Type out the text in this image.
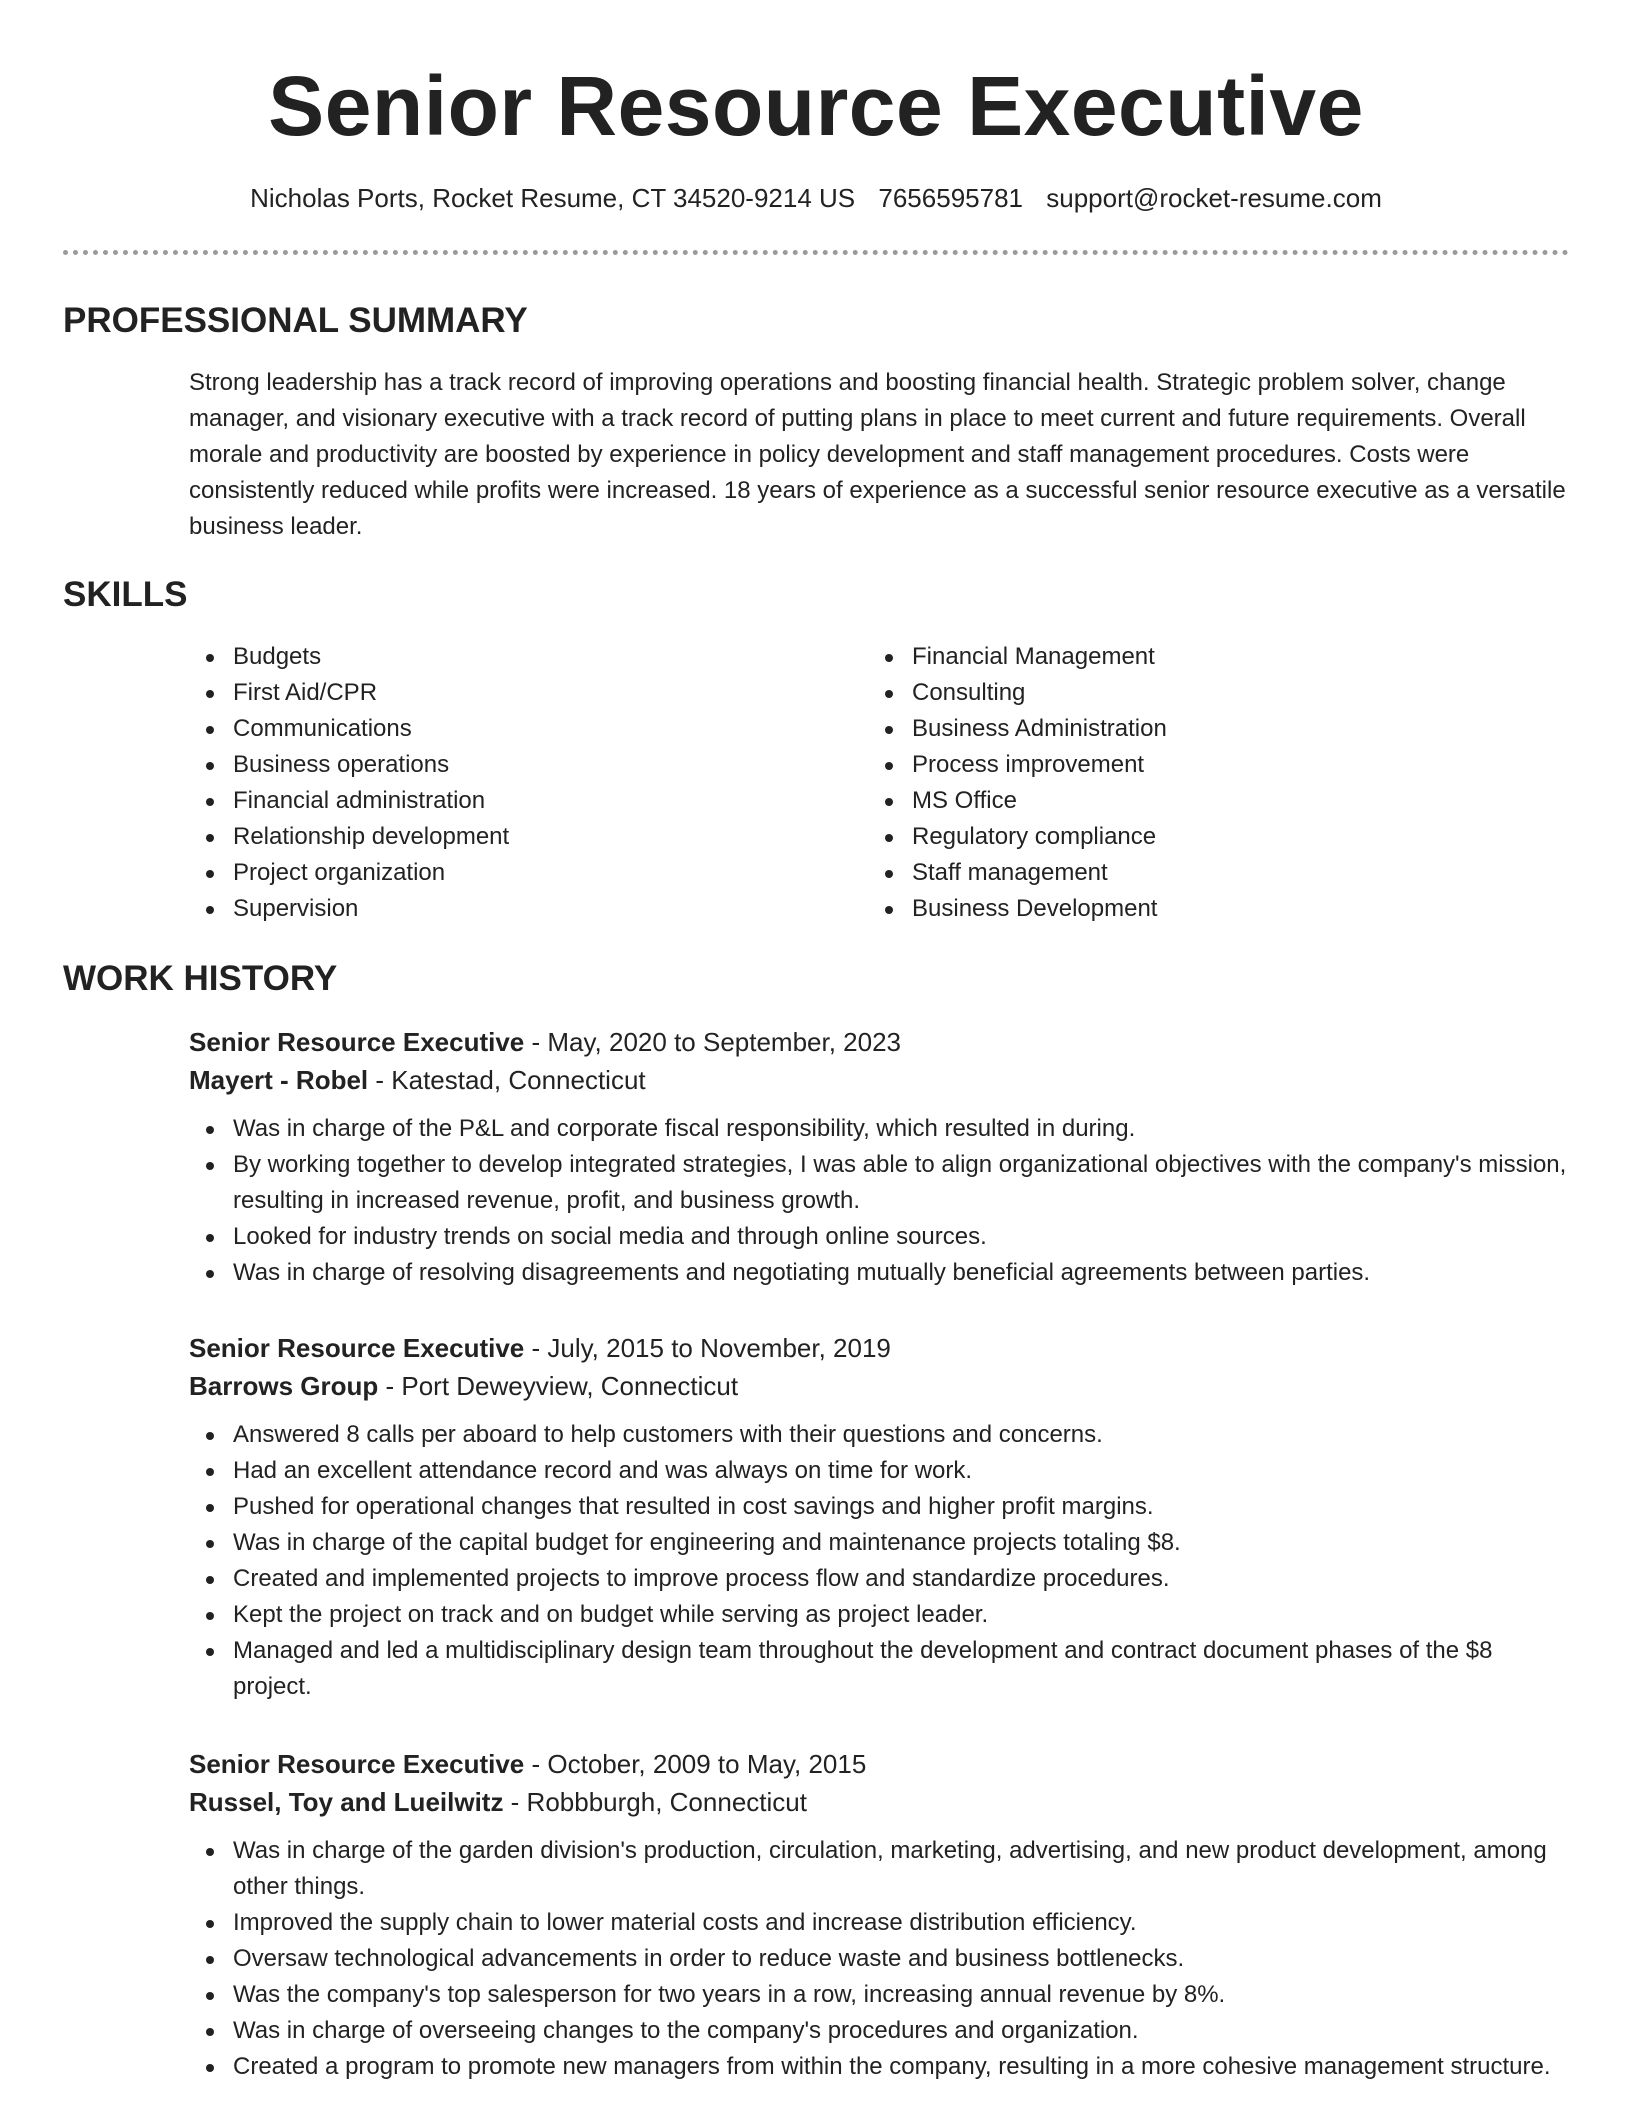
Senior Resource Executive
Nicholas Ports, Rocket Resume, CT 34520-9214 US 7656595781 support@rocket-resume.com
PROFESSIONAL SUMMARY

Strong leadership has a track record of improving operations and boosting financial health. Strategic problem solver, change manager, and visionary executive with a track record of putting plans in place to meet current and future requirements. Overall morale and productivity are boosted by experience in policy development and staff management procedures. Costs were consistently reduced while profits were increased. 18 years of experience as a successful senior resource executive as a versatile business leader.

SKILLS
Budgets
First Aid/CPR
Communications
Business operations
Financial administration
Relationship development
Project organization
Supervision
Financial Management
Consulting
Business Administration
Process improvement
MS Office
Regulatory compliance
Staff management
Business Development
WORK HISTORY
Senior Resource Executive - May, 2020 to September, 2023
Mayert - Robel - Katestad, Connecticut
Was in charge of the P&L and corporate fiscal responsibility, which resulted in during.
By working together to develop integrated strategies, I was able to align organizational objectives with the company's mission, resulting in increased revenue, profit, and business growth.
Looked for industry trends on social media and through online sources.
Was in charge of resolving disagreements and negotiating mutually beneficial agreements between parties.
Senior Resource Executive - July, 2015 to November, 2019
Barrows Group - Port Deweyview, Connecticut
Answered 8 calls per aboard to help customers with their questions and concerns.
Had an excellent attendance record and was always on time for work.
Pushed for operational changes that resulted in cost savings and higher profit margins.
Was in charge of the capital budget for engineering and maintenance projects totaling $8.
Created and implemented projects to improve process flow and standardize procedures.
Kept the project on track and on budget while serving as project leader.
Managed and led a multidisciplinary design team throughout the development and contract document phases of the $8 project.
Senior Resource Executive - October, 2009 to May, 2015
Russel, Toy and Lueilwitz - Robbburgh, Connecticut
Was in charge of the garden division's production, circulation, marketing, advertising, and new product development, among other things.
Improved the supply chain to lower material costs and increase distribution efficiency.
Oversaw technological advancements in order to reduce waste and business bottlenecks.
Was the company's top salesperson for two years in a row, increasing annual revenue by 8%.
Was in charge of overseeing changes to the company's procedures and organization.
Created a program to promote new managers from within the company, resulting in a more cohesive management structure.
